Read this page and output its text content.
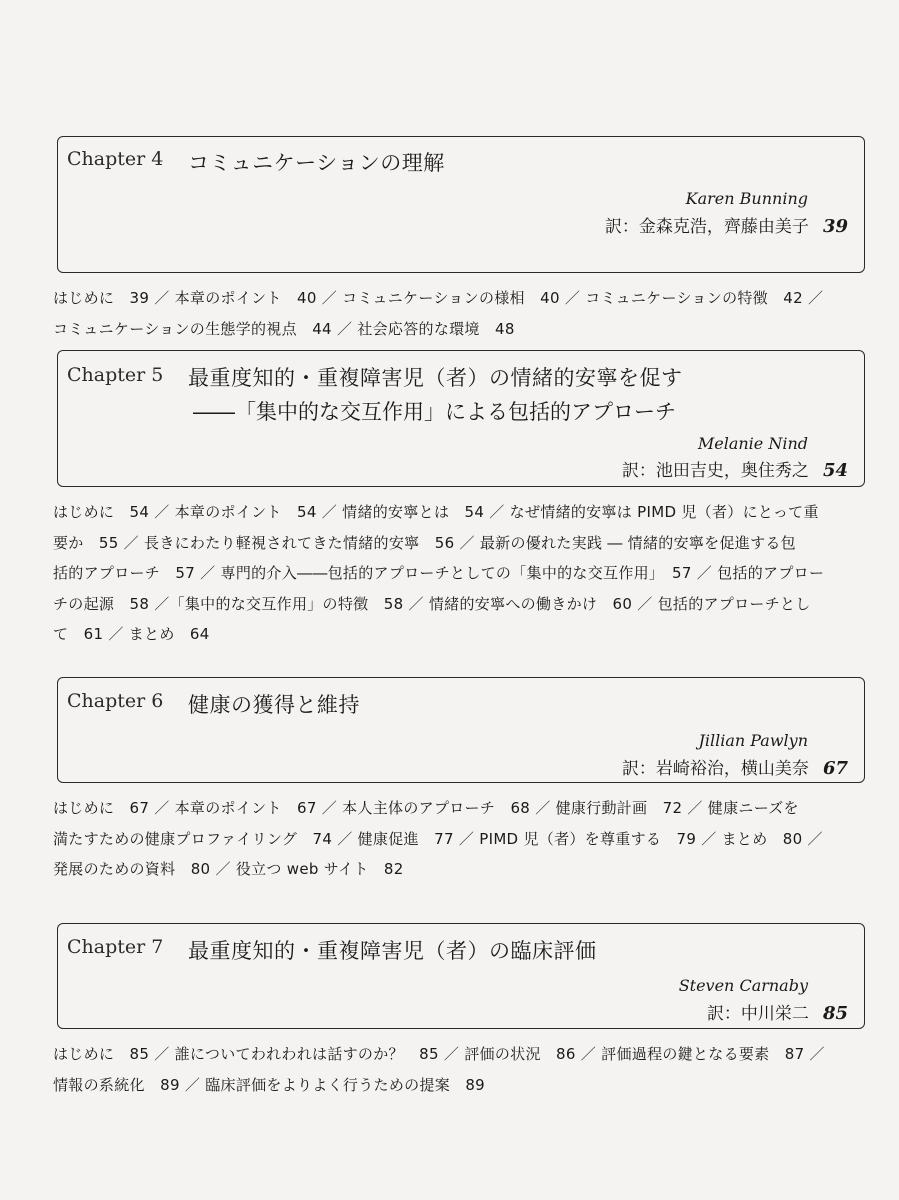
Chapter 4 コミュニケーションの理解
Karen Bunning
訳：金森克浩，齊藤由美子 39

はじめに　39 ／ 本章のポイント　40 ／ コミュニケーションの様相　40 ／ コミュニケーションの特徴　42 ／

コミュニケーションの生態学的視点　44 ／ 社会応答的な環境　48

Chapter 5 最重度知的・重複障害児（者）の情緒的安寧を促す
――「集中的な交互作用」による包括的アプローチ
Melanie Nind
訳：池田吉史，奥住秀之 54

はじめに　54 ／ 本章のポイント　54 ／ 情緒的安寧とは　54 ／ なぜ情緒的安寧は PIMD 児（者）にとって重

要か　55 ／ 長きにわたり軽視されてきた情緒的安寧　56 ／ 最新の優れた実践 ― 情緒的安寧を促進する包

括的アプローチ　57 ／ 専門的介入――包括的アプローチとしての「集中的な交互作用」　57 ／ 包括的アプロー

チの起源　58 ／「集中的な交互作用」の特徴　58 ／ 情緒的安寧への働きかけ　60 ／ 包括的アプローチとし

て　61 ／ まとめ　64

Chapter 6 健康の獲得と維持
Jillian Pawlyn
訳：岩崎裕治，横山美奈 67

はじめに　67 ／ 本章のポイント　67 ／ 本人主体のアプローチ　68 ／ 健康行動計画　72 ／ 健康ニーズを

満たすための健康プロファイリング　74 ／ 健康促進　77 ／ PIMD 児（者）を尊重する　79 ／ まとめ　80 ／

発展のための資料　80 ／ 役立つ web サイト　82

Chapter 7 最重度知的・重複障害児（者）の臨床評価
Steven Carnaby
訳：中川栄二 85

はじめに　85 ／ 誰についてわれわれは話すのか？　85 ／ 評価の状況　86 ／ 評価過程の鍵となる要素　87 ／

情報の系統化　89 ／ 臨床評価をよりよく行うための提案　89
